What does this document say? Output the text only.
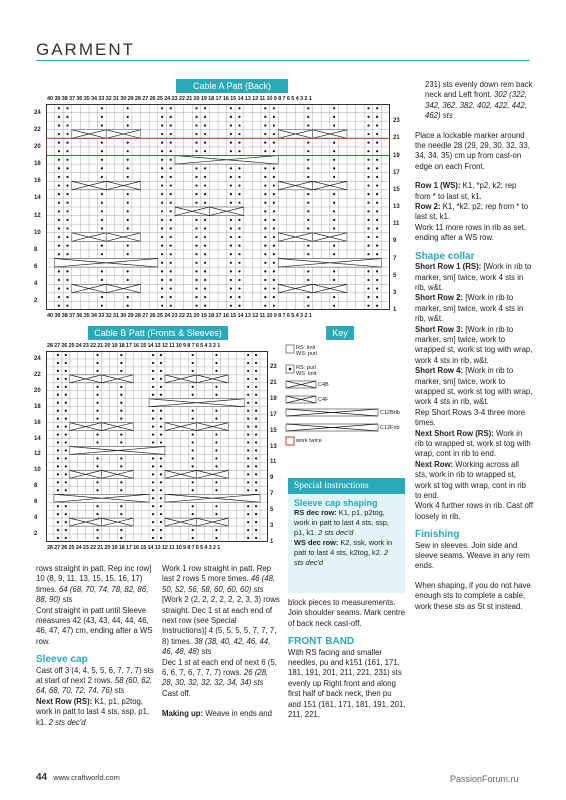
GARMENT
Cable A Patt (Back)
40 39 38 37 36 35 34 33 32 31 30 29 28 27 26 25 24 23 22 21 20 19 18 17 16 15 14 13 12 11 10 9 8 7 6 5 4 3 2 1
40 39 38 37 36 35 34 33 32 31 30 29 28 27 26 25 24 23 22 21 20 19 18 17 16 15 14 13 12 11 10 9 8 7 6 5 4 3 2 1
24
22
20
18
16
14
12
10
8
6
4
2
23
21
19
17
15
13
11
9
7
5
3
1
Cable B Patt (Fronts & Sleeves)
28 27 26 25 24 23 22 21 20 19 18 17 16 15 14 13 12 11 10 9 8 7 6 5 4 3 2 1
28 27 26 25 24 23 22 21 20 19 18 17 16 15 14 13 12 11 10 9 8 7 6 5 4 3 2 1
24
22
20
18
16
14
12
10
8
6
4
2
23
21
19
17
15
13
11
9
7
5
3
1
Key
RS: knit
WS: purl
RS: purl
WS: knit
C4B
C4F
C12Brib
C12Frib
work twice
Special instructions
Sleeve cap shaping
RS dec row: K1, p1, p2tog, work in patt to last 4 sts, ssp, p1, k1. 2 sts dec'd
WS dec row: K2, ssk, work in patt to last 4 sts, k2tog, k2. 2 sts dec'd

rows straight in patt. Rep inc row] 10 (8, 9, 11, 13, 15, 15, 16, 17) times. 64 (68, 70, 74, 78, 82, 86, 88, 90) sts

Cont straight in patt until Sleeve measures 42 (43, 43, 44, 44, 46, 46, 47, 47) cm, ending after a WS row.

Sleeve cap

Cast off 3 (4, 4, 5, 5, 6, 7, 7, 7) sts at start of next 2 rows. 58 (60, 62, 64, 68, 70, 72, 74, 76) sts

Next Row (RS): K1, p1, p2tog, work in patt to last 4 sts, ssp, p1, k1. 2 sts dec'd

Work 1 row straight in patt. Rep last 2 rows 5 more times. 46 (48, 50, 52, 56, 58, 60, 60, 60) sts

[Work 2 (2, 2, 2, 2, 2, 2, 3, 3) rows straight. Dec 1 st at each end of next row (see Special Instructions)] 4 (5, 5, 5, 5, 7, 7, 7, 8) times. 38 (38, 40, 42, 46, 44, 46, 48, 48) sts

Dec 1 st at each end of next 6 (5, 6, 6, 7, 6, 7, 7, 7) rows. 26 (28, 28, 30, 32, 32, 32, 34, 34) sts

Cast off.

Making up: Weave in ends and

block pieces to measurements. Join shoulder seams. Mark centre of back neck cast-off.

FRONT BAND

With RS facing and smaller needles, pu and k151 (161, 171, 181, 191, 201, 211, 221, 231) sts evenly up Right front and along first half of back neck, then pu and 151 (161, 171, 181, 191, 201, 211, 221,

231) sts evenly down rem back neck and Left front. 302 (322, 342, 362, 382, 402, 422, 442, 462) sts

Place a lockable marker around the needle 28 (29, 29, 30, 32, 33, 34, 34, 35) cm up from cast-on edge on each Front.

Row 1 (WS): K1, *p2, k2; rep from * to last st, k1.

Row 2: K1, *k2, p2; rep from * to last st, k1.

Work 11 more rows in rib as set, ending after a WS row.

Shape collar

Short Row 1 (RS): [Work in rib to marker, sm] twice, work 4 sts in rib, w&t.

Short Row 2: [Work in rib to marker, sm] twice, work 4 sts in rib, w&t.

Short Row 3: [Work in rib to marker, sm] twice, work to wrapped st, work st tog with wrap, work 4 sts in rib, w&t.

Short Row 4: [Work in rib to marker, sm] twice, work to wrapped st, work st tog with wrap, work 4 sts in rib, w&t.

Rep Short Rows 3-4 three more times.

Next Short Row (RS): Work in rib to wrapped st, work st tog with wrap, cont in rib to end.

Next Row: Working across all sts, work in rib to wrapped st, work st tog with wrap, cont in rib to end.

Work 4 further rows in rib. Cast off loosely in rib.

Finishing

Sew in sleeves. Join side and sleeve seams. Weave in any rem ends.

When shaping, if you do not have enough sts to complete a cable, work these sts as St st instead.

44 www.craftworld.com	PassionForum.ru
